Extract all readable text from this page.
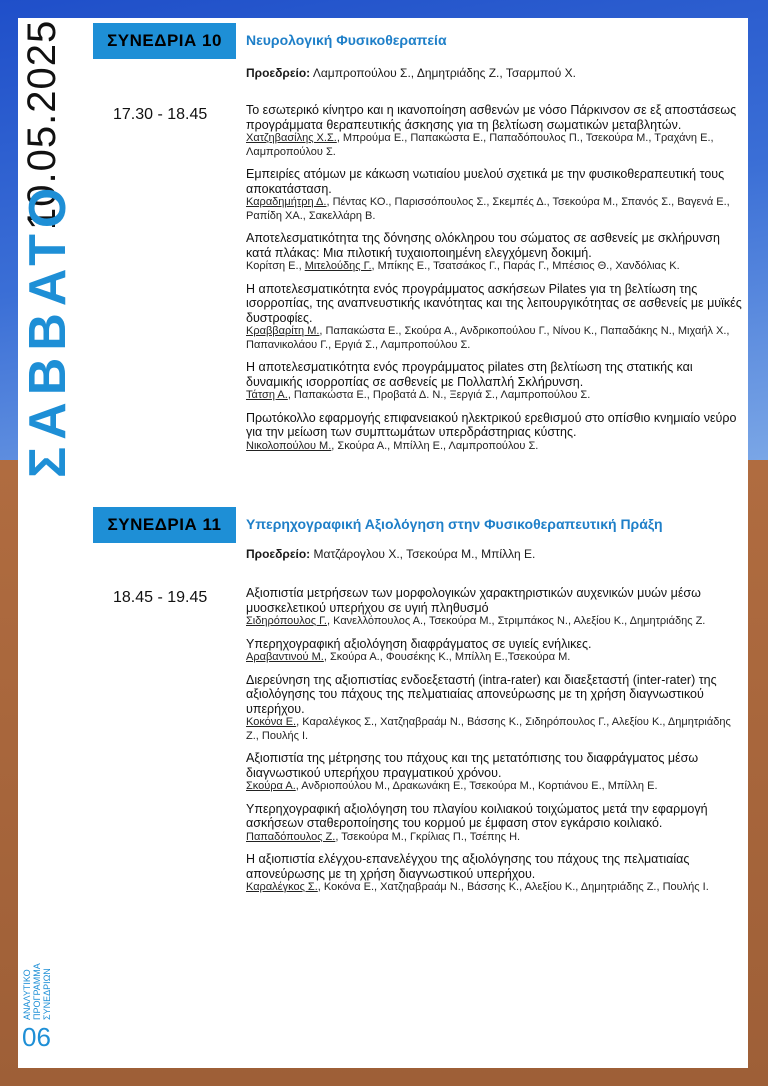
10.05.2025
ΣΑΒΒΑΤΟ
ΑΝΑΛΥΤΙΚΟ
ΠΡΟΓΡΑΜΜΑ
ΣΥΝΕΔΡΙΩΝ
06
ΣΥΝΕΔΡΙΑ 10	Νευρολογική Φυσικοθεραπεία
Προεδρείο: Λαμπροπούλου Σ., Δημητριάδης Ζ., Τσαρμπού Χ.
17.30 - 18.45	Το εσωτερικό κίνητρο και η ικανοποίηση ασθενών με νόσο Πάρκινσον σε εξ αποστάσεως προγράμματα θεραπευτικής άσκησης για τη βελτίωση σωματικών μεταβλητών.
Χατζηβασίλης Χ.Σ., Μπρούμα Ε., Παπακώστα Ε., Παπαδόπουλος Π., Τσεκούρα Μ., Τραχάνη Ε., Λαμπροπούλου Σ.
Εμπειρίες ατόμων με κάκωση νωτιαίου μυελού σχετικά με την φυσικοθεραπευτική τους αποκατάσταση.
Καραδημήτρη Δ., Πέντας ΚΟ., Παρισσόπουλος Σ., Σκεμπές Δ., Τσεκούρα Μ., Σπανός Σ., Βαγενά Ε., Ραπίδη ΧΑ., Σακελλάρη Β.
Αποτελεσματικότητα της δόνησης ολόκληρου του σώματος σε ασθενείς με σκλήρυνση κατά πλάκας: Μια πιλοτική τυχαιοποιημένη ελεγχόμενη δοκιμή.
Κορίτση Ε., Μιτελούδης Γ., Μπίκης Ε., Τσατσάκος Γ., Παράς Γ., Μπέσιος Θ., Χανδόλιας Κ.
Η αποτελεσματικότητα ενός προγράμματος ασκήσεων Pilates για τη βελτίωση της ισορροπίας, της αναπνευστικής ικανότητας και της λειτουργικότητας σε ασθενείς με μυϊκές δυστροφίες.
Κραββαρίτη Μ., Παπακώστα Ε., Σκούρα Α., Ανδρικοπούλου Γ., Νίνου Κ., Παπαδάκης Ν., Μιχαήλ Χ., Παπανικολάου Γ., Εργιά Σ., Λαμπροπούλου Σ.
Η αποτελεσματικότητα ενός προγράμματος pilates στη βελτίωση της στατικής και δυναμικής ισορροπίας σε ασθενείς με Πολλαπλή Σκλήρυνση.
Τάτση Α., Παπακώστα Ε., Προβατά Δ. Ν., Ξεργιά Σ., Λαμπροπούλου Σ.
Πρωτόκολλο εφαρμογής επιφανειακού ηλεκτρικού ερεθισμού στο οπίσθιο κνημιαίο νεύρο για την μείωση των συμπτωμάτων υπερδράστηριας κύστης.
Νικολοπούλου Μ., Σκούρα Α., Μπίλλη Ε., Λαμπροπούλου Σ.
ΣΥΝΕΔΡΙΑ 11	Υπερηχογραφική Αξιολόγηση στην Φυσικοθεραπευτική Πράξη
Προεδρείο: Ματζάρογλου Χ., Τσεκούρα Μ., Μπίλλη Ε.
18.45 - 19.45	Αξιοπιστία μετρήσεων των μορφολογικών χαρακτηριστικών αυχενικών μυών μέσω μυοσκελετικού υπερήχου σε υγιή πληθυσμό
Σιδηρόπουλος Γ., Κανελλόπουλος Α., Τσεκούρα Μ., Στριμπάκος Ν., Αλεξίου Κ., Δημητριάδης Ζ.
Υπερηχογραφική αξιολόγηση διαφράγματος σε υγιείς ενήλικες.
Αραβαντινού Μ., Σκούρα Α., Φουσέκης Κ., Μπίλλη Ε.,Τσεκούρα Μ.
Διερεύνηση της αξιοπιστίας ενδοεξεταστή (intra-rater) και διαεξεταστή (inter-rater) της αξιολόγησης του πάχους της πελματιαίας απονεύρωσης με τη χρήση διαγνωστικού υπερήχου.
Κοκόνα Ε., Καραλέγκος Σ., Χατζηαβραάμ Ν., Βάσσης Κ., Σιδηρόπουλος Γ., Αλεξίου Κ., Δημητριάδης Ζ., Πουλής Ι.
Αξιοπιστία της μέτρησης του πάχους και της μετατόπισης του διαφράγματος μέσω διαγνωστικού υπερήχου πραγματικού χρόνου.
Σκούρα Α., Ανδριοπούλου Μ., Δρακωνάκη Ε., Τσεκούρα Μ., Κορτιάνου Ε., Μπίλλη Ε.
Υπερηχογραφική αξιολόγηση του πλαγίου κοιλιακού τοιχώματος μετά την εφαρμογή ασκήσεων σταθεροποίησης του κορμού με έμφαση στον εγκάρσιο κοιλιακό.
Παπαδόπουλος Ζ., Τσεκούρα Μ., Γκρίλιας Π., Τσέπης Η.
Η αξιοπιστία ελέγχου-επανελέγχου της αξιολόγησης του πάχους της πελματιαίας απονεύρωσης με τη χρήση διαγνωστικού υπερήχου.
Καραλέγκος Σ., Κοκόνα Ε., Χατζηαβραάμ Ν., Βάσσης Κ., Αλεξίου Κ., Δημητριάδης Ζ., Πουλής Ι.
